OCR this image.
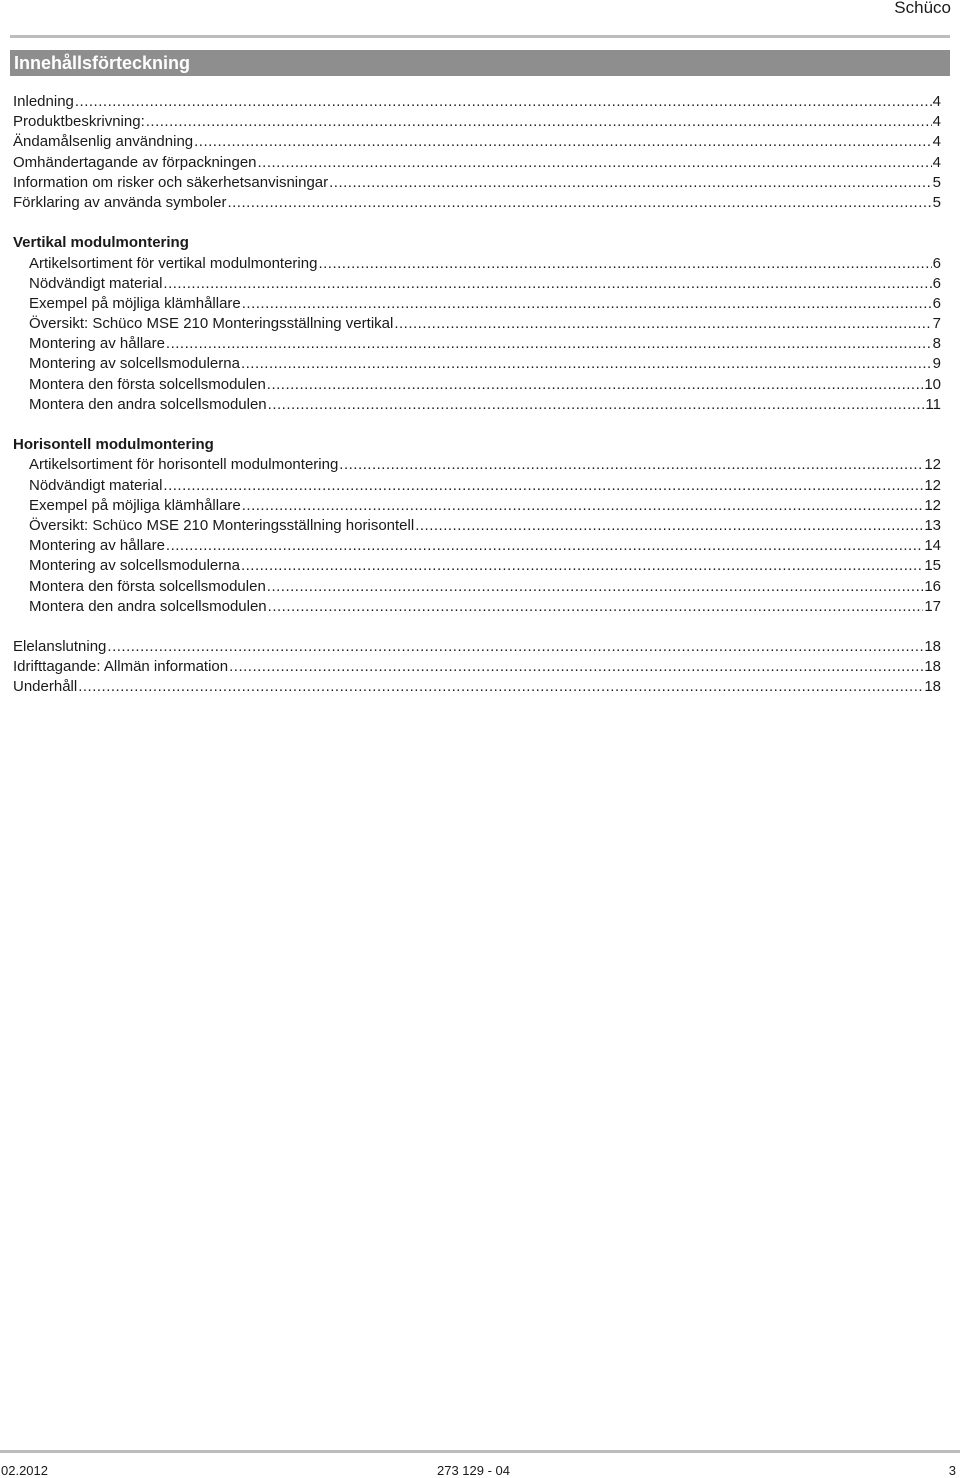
Schüco
Innehållsförteckning
Inledning .....	4
Produktbeskrivning: .....	4
Ändamålsenlig användning .....	4
Omhändertagande av förpackningen .....	4
Information om risker och säkerhetsanvisningar .....	5
Förklaring av använda symboler .....	5
Vertikal modulmontering
Artikelsortiment för vertikal modulmontering .....	6
Nödvändigt material .....	6
Exempel på möjliga klämhållare .....	6
Översikt: Schüco MSE 210 Monteringsställning vertikal .....	7
Montering av hållare .....	8
Montering av solcellsmodulerna .....	9
Montera den första solcellsmodulen .....	10
Montera den andra solcellsmodulen .....	11
Horisontell modulmontering
Artikelsortiment för horisontell modulmontering .....	12
Nödvändigt material .....	12
Exempel på möjliga klämhållare .....	12
Översikt: Schüco MSE 210 Monteringsställning horisontell .....	13
Montering av hållare .....	14
Montering av solcellsmodulerna .....	15
Montera den första solcellsmodulen .....	16
Montera den andra solcellsmodulen .....	17
Elelanslutning .....	18
Idrifttagande: Allmän information .....	18
Underhåll .....	18
02.2012	273 129 - 04	3
